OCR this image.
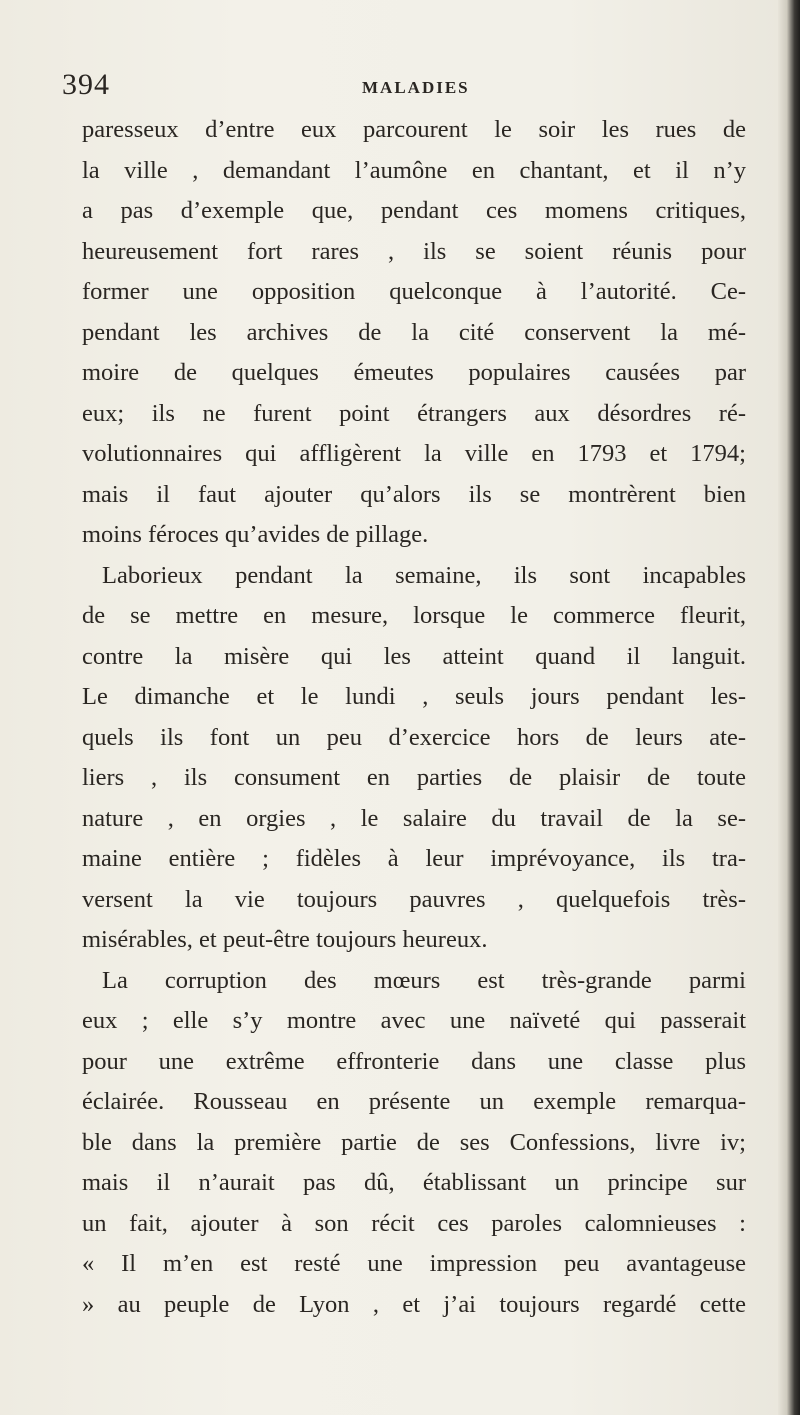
394	MALADIES
paresseux d’entre eux parcourent le soir les rues de
la ville , demandant l’aumône en chantant, et il n’y
a pas d’exemple que, pendant ces momens critiques,
heureusement fort rares , ils se soient réunis pour
former une opposition quelconque à l’autorité. Ce-
pendant les archives de la cité conservent la mé-
moire de quelques émeutes populaires causées par
eux; ils ne furent point étrangers aux désordres ré-
volutionnaires qui affligèrent la ville en 1793 et 1794;
mais il faut ajouter qu’alors ils se montrèrent bien
moins féroces qu’avides de pillage.
Laborieux pendant la semaine, ils sont incapables
de se mettre en mesure, lorsque le commerce fleurit,
contre la misère qui les atteint quand il languit.
Le dimanche et le lundi , seuls jours pendant les-
quels ils font un peu d’exercice hors de leurs ate-
liers , ils consument en parties de plaisir de toute
nature , en orgies , le salaire du travail de la se-
maine entière ; fidèles à leur imprévoyance, ils tra-
versent la vie toujours pauvres , quelquefois très-
misérables, et peut-être toujours heureux.
La corruption des mœurs est très-grande parmi
eux ; elle s’y montre avec une naïveté qui passerait
pour une extrême effronterie dans une classe plus
éclairée. Rousseau en présente un exemple remarqua-
ble dans la première partie de ses Confessions, livre iv;
mais il n’aurait pas dû, établissant un principe sur
un fait, ajouter à son récit ces paroles calomnieuses :
« Il m’en est resté une impression peu avantageuse
» au peuple de Lyon , et j’ai toujours regardé cette
